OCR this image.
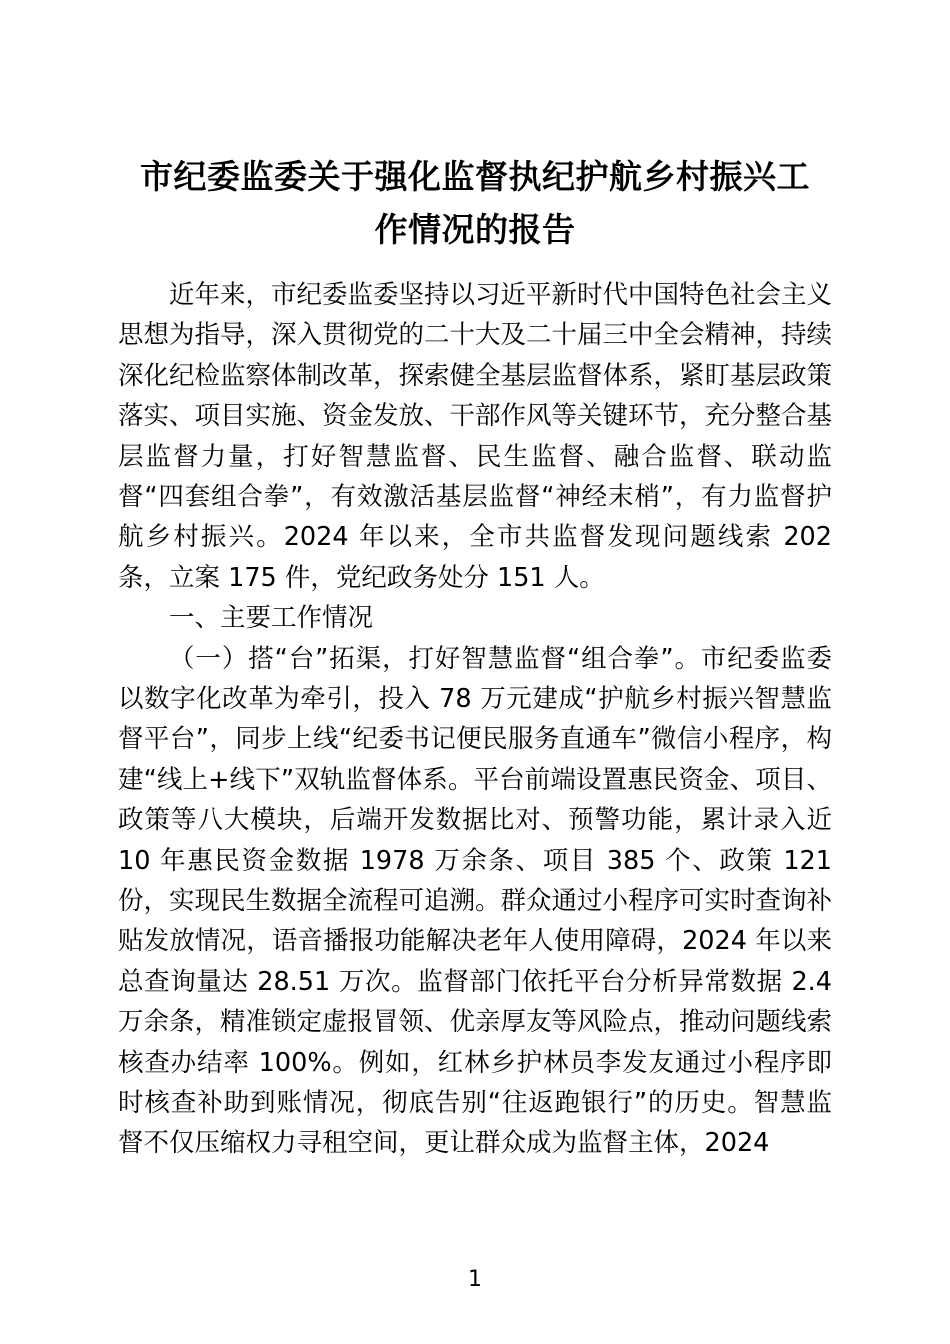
市纪委监委关于强化监督执纪护航乡村振兴工作情况的报告

近年来，市纪委监委坚持以习近平新时代中国特色社会主义思想为指导，深入贯彻党的二十大及二十届三中全会精神，持续深化纪检监察体制改革，探索健全基层监督体系，紧盯基层政策落实、项目实施、资金发放、干部作风等关键环节，充分整合基层监督力量，打好智慧监督、民生监督、融合监督、联动监督“四套组合拳”，有效激活基层监督“神经末梢”，有力监督护航乡村振兴。2024 年以来，全市共监督发现问题线索 202 条，立案 175 件，党纪政务处分 151 人。

一、主要工作情况

（一）搭“台”拓渠，打好智慧监督“组合拳”。市纪委监委以数字化改革为牵引，投入 78 万元建成“护航乡村振兴智慧监督平台”，同步上线“纪委书记便民服务直通车”微信小程序，构建“线上+线下”双轨监督体系。平台前端设置惠民资金、项目、政策等八大模块，后端开发数据比对、预警功能，累计录入近 10 年惠民资金数据 1978 万余条、项目 385 个、政策 121 份，实现民生数据全流程可追溯。群众通过小程序可实时查询补贴发放情况，语音播报功能解决老年人使用障碍，2024 年以来总查询量达 28.51 万次。监督部门依托平台分析异常数据 2.4 万余条，精准锁定虚报冒领、优亲厚友等风险点，推动问题线索核查办结率 100%。例如，红林乡护林员李发友通过小程序即时核查补助到账情况，彻底告别“往返跑银行”的历史。智慧监督不仅压缩权力寻租空间，更让群众成为监督主体，2024

1
